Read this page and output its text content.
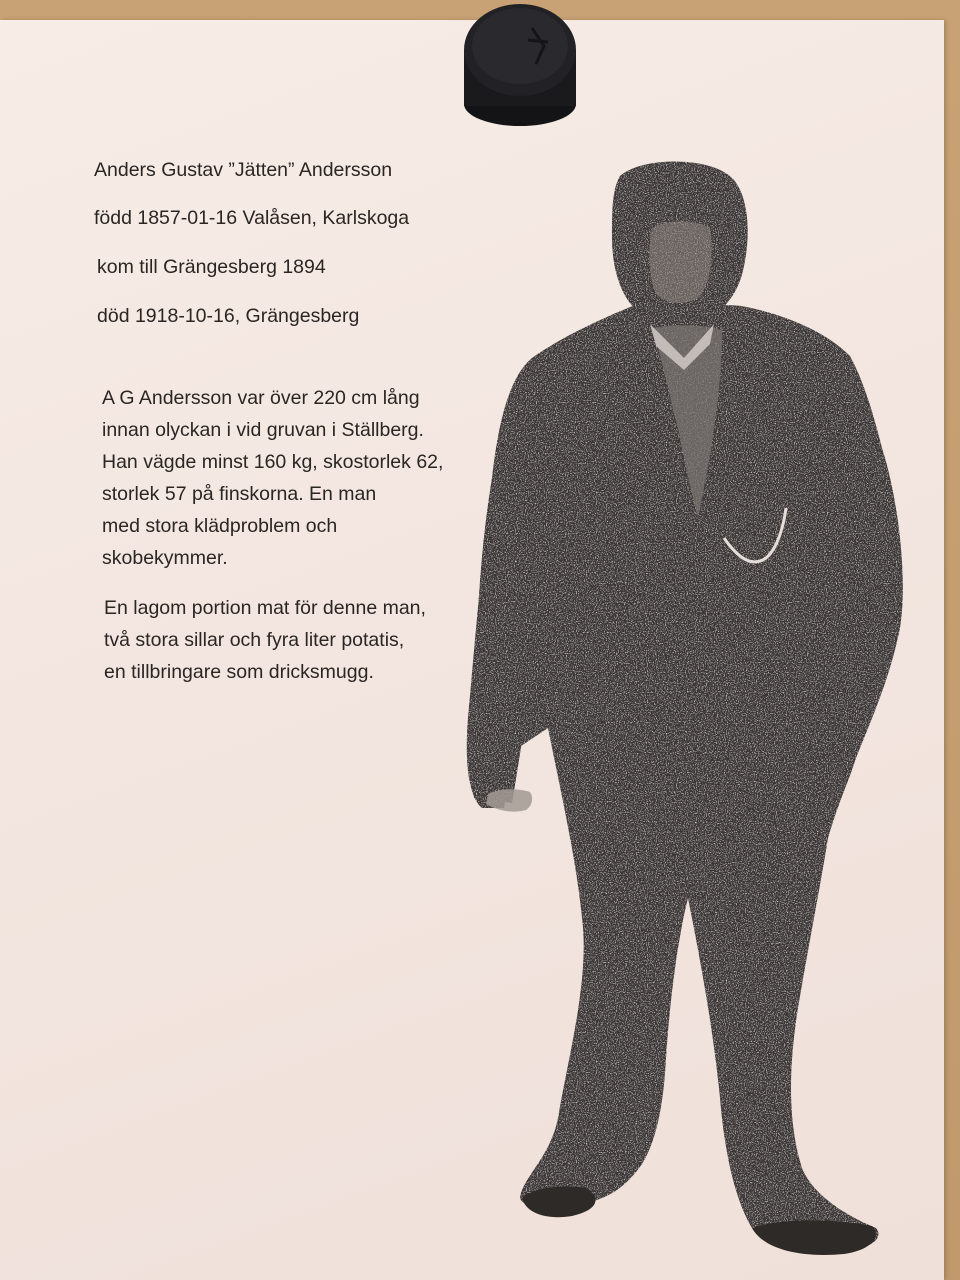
Anders Gustav ”Jätten” Andersson
född 1857-01-16 Valåsen, Karlskoga
kom till Grängesberg 1894
död 1918-10-16, Grängesberg

A G Andersson var över 220 cm lång

innan olyckan i vid gruvan i Ställberg.

Han vägde minst 160 kg, skostorlek 62,

storlek 57 på finskorna. En man

med stora klädproblem och

skobekymmer.

En lagom portion mat för denne man,

två stora sillar och fyra liter potatis,

en tillbringare som dricksmugg.
